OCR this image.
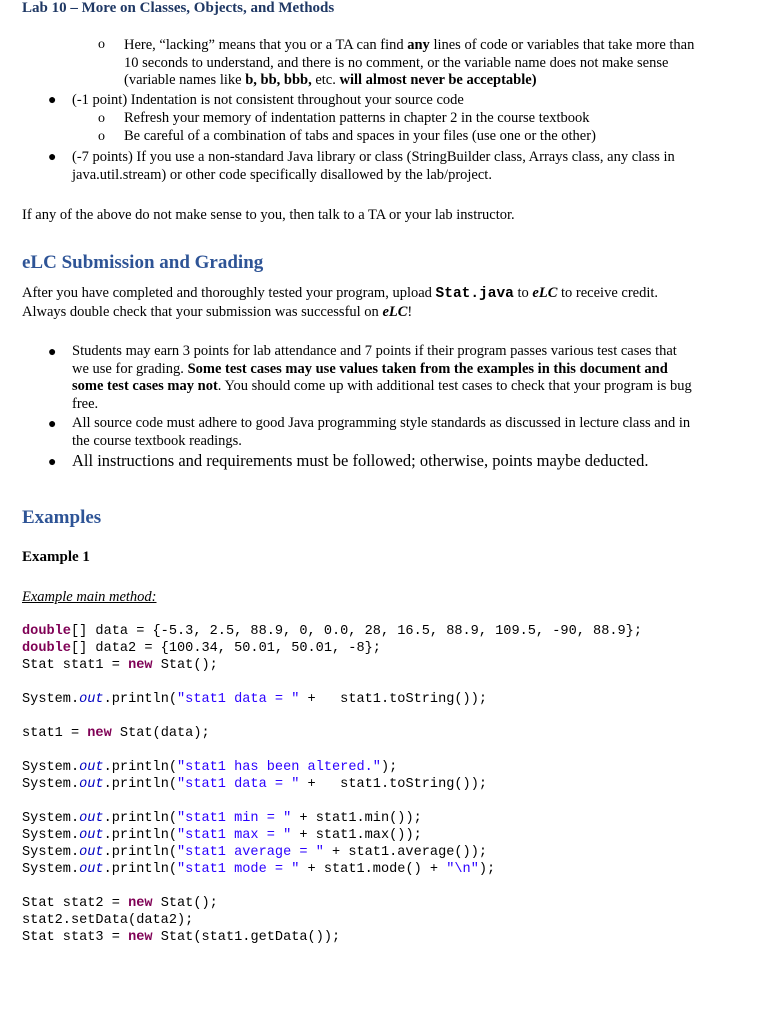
Lab 10 – More on Classes, Objects, and Methods
o Here, “lacking” means that you or a TA can find any lines of code or variables that take more than 10 seconds to understand, and there is no comment, or the variable name does not make sense (variable names like b, bb, bbb, etc. will almost never be acceptable)
● (-1 point) Indentation is not consistent throughout your source code
o Refresh your memory of indentation patterns in chapter 2 in the course textbook
o Be careful of a combination of tabs and spaces in your files (use one or the other)
● (-7 points) If you use a non-standard Java library or class (StringBuilder class, Arrays class, any class in java.util.stream) or other code specifically disallowed by the lab/project.
If any of the above do not make sense to you, then talk to a TA or your lab instructor.
eLC Submission and Grading
After you have completed and thoroughly tested your program, upload Stat.java to eLC to receive credit. Always double check that your submission was successful on eLC!
● Students may earn 3 points for lab attendance and 7 points if their program passes various test cases that we use for grading. Some test cases may use values taken from the examples in this document and some test cases may not. You should come up with additional test cases to check that your program is bug free.
● All source code must adhere to good Java programming style standards as discussed in lecture class and in the course textbook readings.
● All instructions and requirements must be followed; otherwise, points maybe deducted.
Examples
Example 1
Example main method:
double[] data = {-5.3, 2.5, 88.9, 0, 0.0, 28, 16.5, 88.9, 109.5, -90, 88.9};
double[] data2 = {100.34, 50.01, 50.01, -8};
Stat stat1 = new Stat();

System.out.println("stat1 data = " +   stat1.toString());

stat1 = new Stat(data);

System.out.println("stat1 has been altered.");
System.out.println("stat1 data = " +   stat1.toString());

System.out.println("stat1 min = " + stat1.min());
System.out.println("stat1 max = " + stat1.max());
System.out.println("stat1 average = " + stat1.average());
System.out.println("stat1 mode = " + stat1.mode() + "\n");

Stat stat2 = new Stat();
stat2.setData(data2);
Stat stat3 = new Stat(stat1.getData());
